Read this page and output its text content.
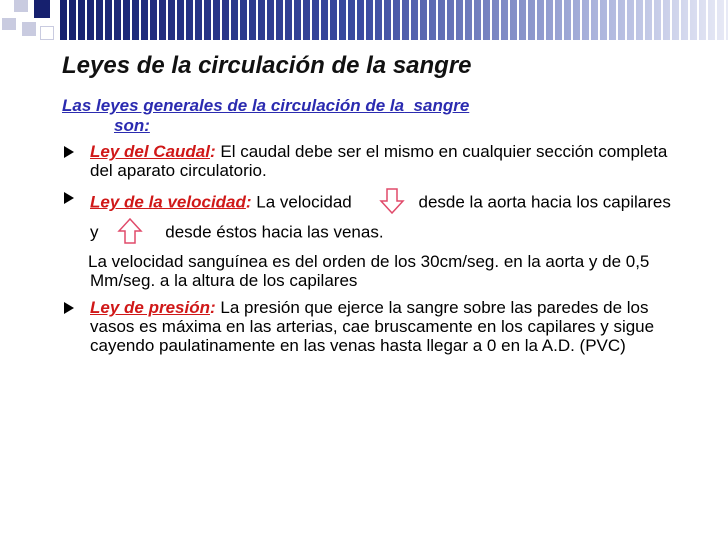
Leyes de la circulación de la sangre

Las leyes generales de la circulación de la sangre
son:

Ley del Caudal: El caudal debe ser el mismo en cualquier sección completa del aparato circulatorio.
Ley de la velocidad: La velocidad	desde la aorta hacia los capilares y	desde éstos hacia las venas.

La velocidad sanguínea es del orden de los 30cm/seg. en la aorta y de 0,5 Mm/seg. a la altura de los capilares

Ley de presión: La presión que ejerce la sangre sobre las paredes de los vasos es máxima en las arterias, cae bruscamente en los capilares y sigue cayendo paulatinamente en las venas hasta llegar a 0 en la A.D. (PVC)
